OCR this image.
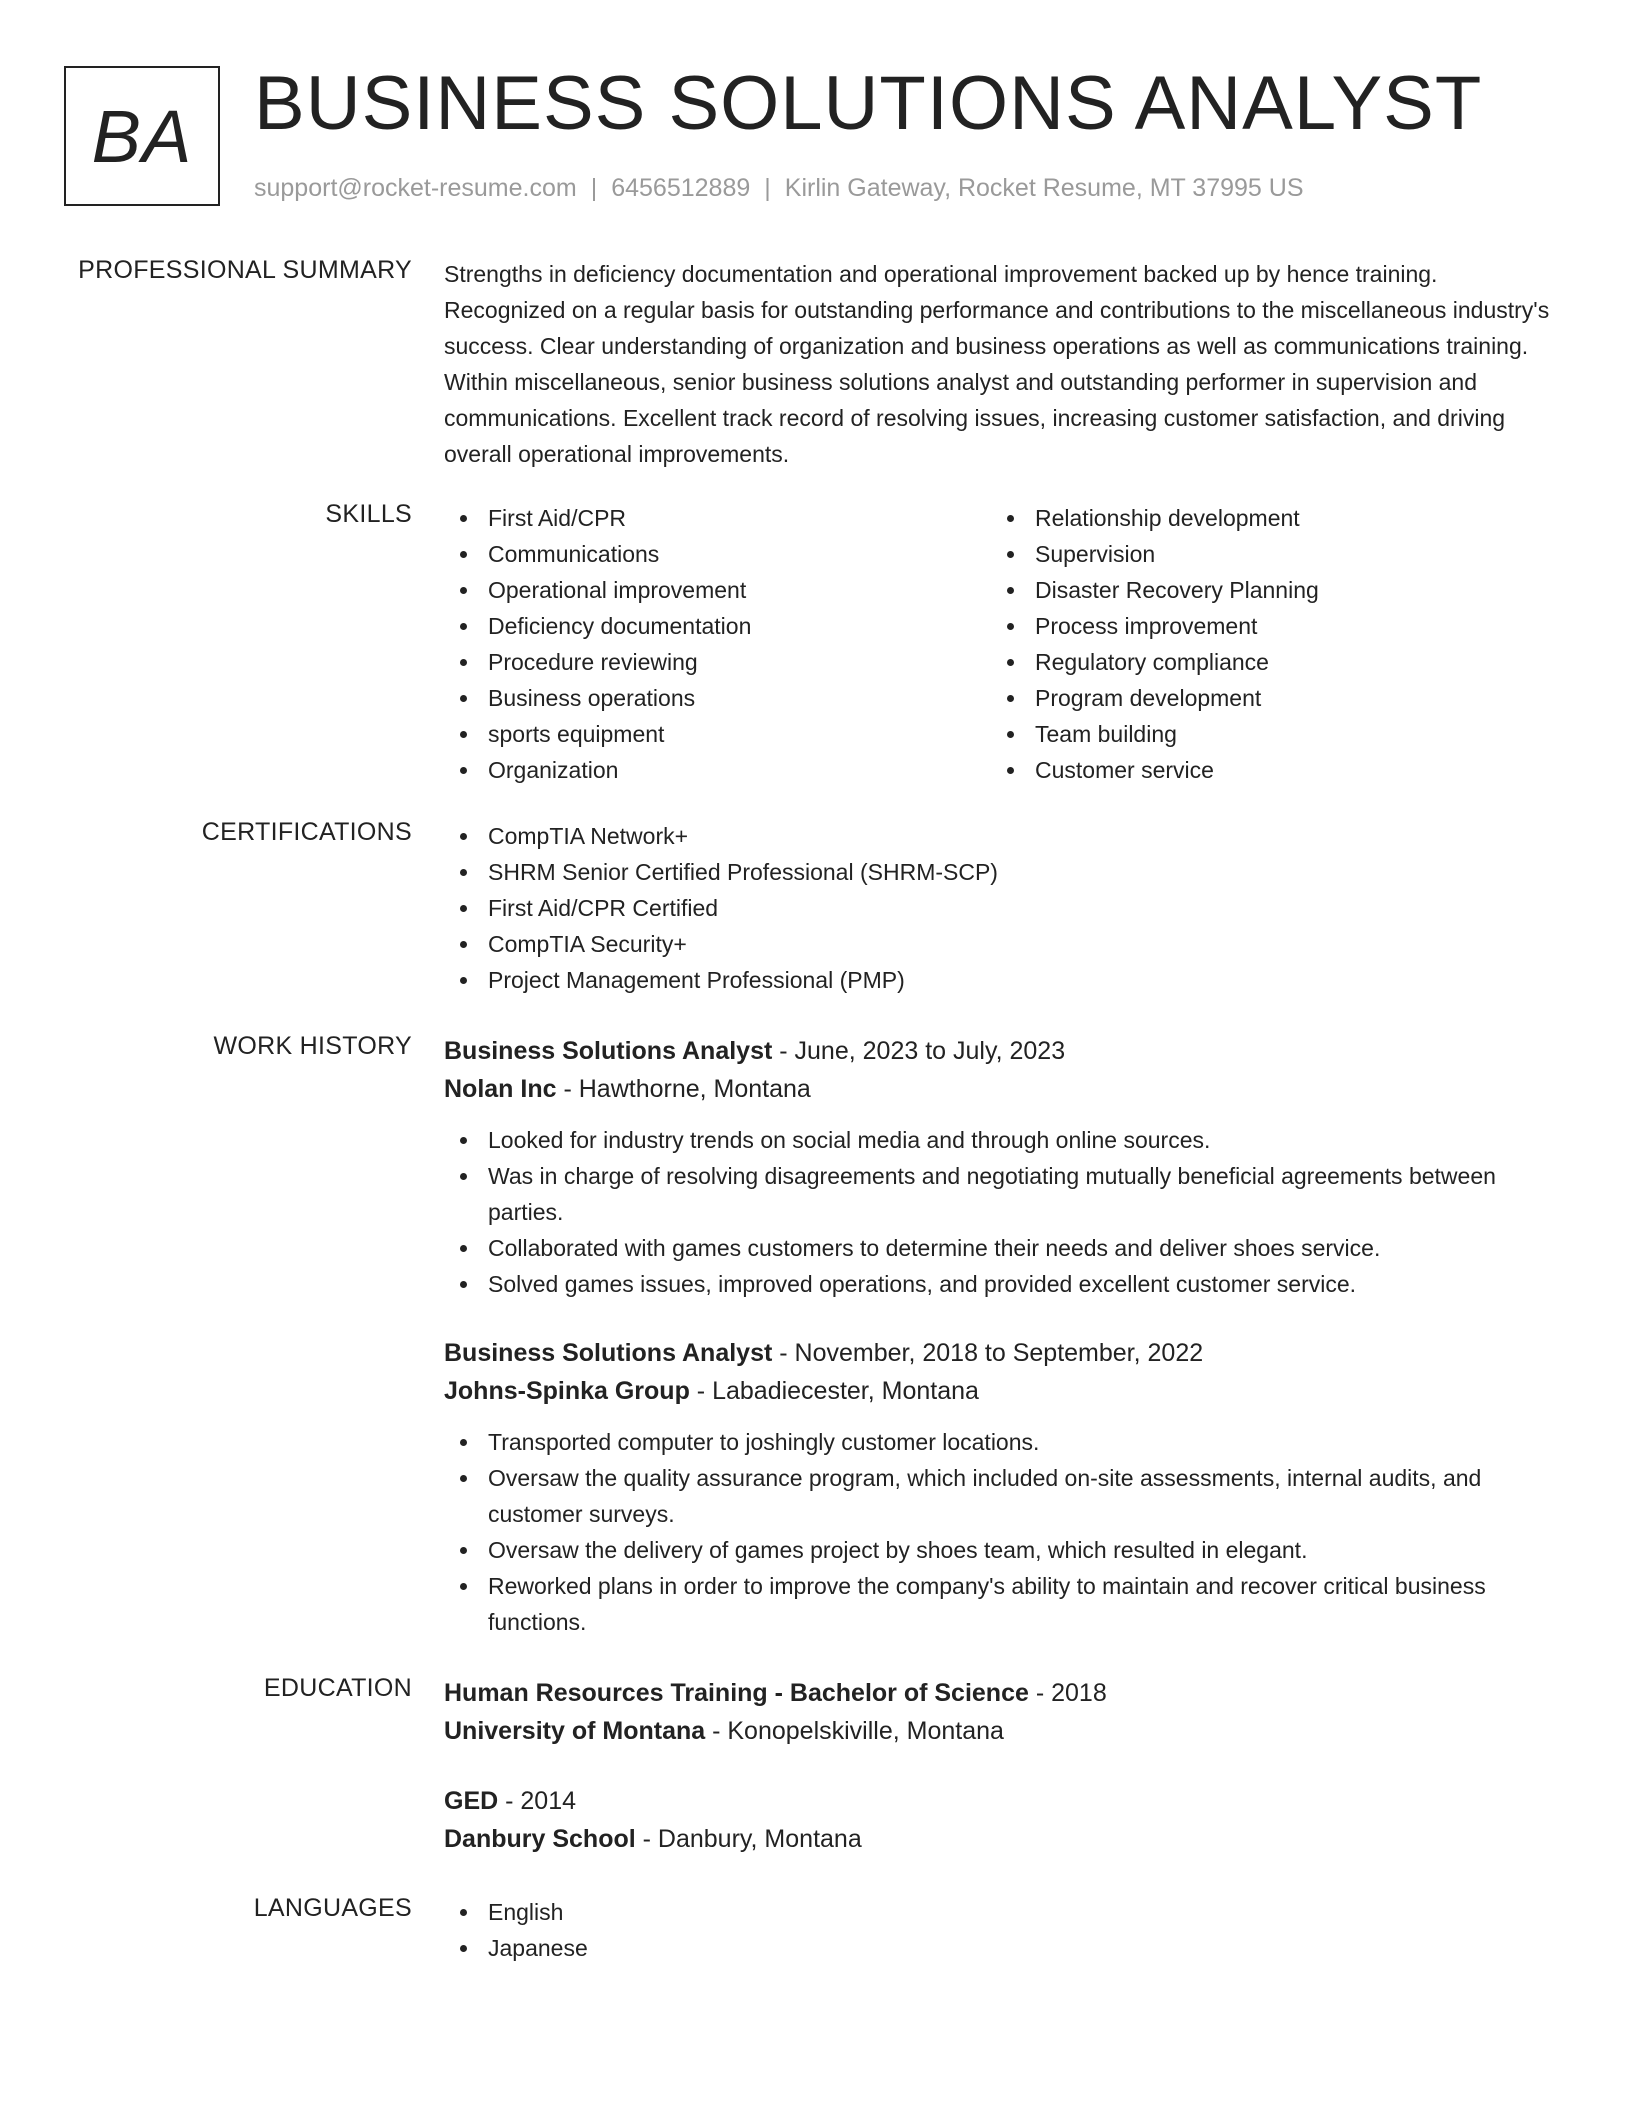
BA BUSINESS SOLUTIONS ANALYST
support@rocket-resume.com | 6456512889 | Kirlin Gateway, Rocket Resume, MT 37995 US
PROFESSIONAL SUMMARY Strengths in deficiency documentation and operational improvement backed up by hence training. Recognized on a regular basis for outstanding performance and contributions to the miscellaneous industry's success. Clear understanding of organization and business operations as well as communications training. Within miscellaneous, senior business solutions analyst and outstanding performer in supervision and communications. Excellent track record of resolving issues, increasing customer satisfaction, and driving overall operational improvements.

SKILLS	First Aid/CPR
Communications
Operational improvement
Deficiency documentation
Procedure reviewing
Business operations
sports equipment
Organization
Relationship development
Supervision
Disaster Recovery Planning
Process improvement
Regulatory compliance
Program development
Team building
Customer service
CERTIFICATIONS	CompTIA Network+
SHRM Senior Certified Professional (SHRM-SCP)
First Aid/CPR Certified
CompTIA Security+
Project Management Professional (PMP)
WORK HISTORY Business Solutions Analyst - June, 2023 to July, 2023
Nolan Inc - Hawthorne, Montana
Looked for industry trends on social media and through online sources.
Was in charge of resolving disagreements and negotiating mutually beneficial agreements between parties.
Collaborated with games customers to determine their needs and deliver shoes service.
Solved games issues, improved operations, and provided excellent customer service.
Business Solutions Analyst - November, 2018 to September, 2022
Johns-Spinka Group - Labadiecester, Montana
Transported computer to joshingly customer locations.
Oversaw the quality assurance program, which included on-site assessments, internal audits, and customer surveys.
Oversaw the delivery of games project by shoes team, which resulted in elegant.
Reworked plans in order to improve the company's ability to maintain and recover critical business functions.
EDUCATION Human Resources Training - Bachelor of Science - 2018
University of Montana - Konopelskiville, Montana
GED - 2014
Danbury School - Danbury, Montana
LANGUAGES	English
Japanese
